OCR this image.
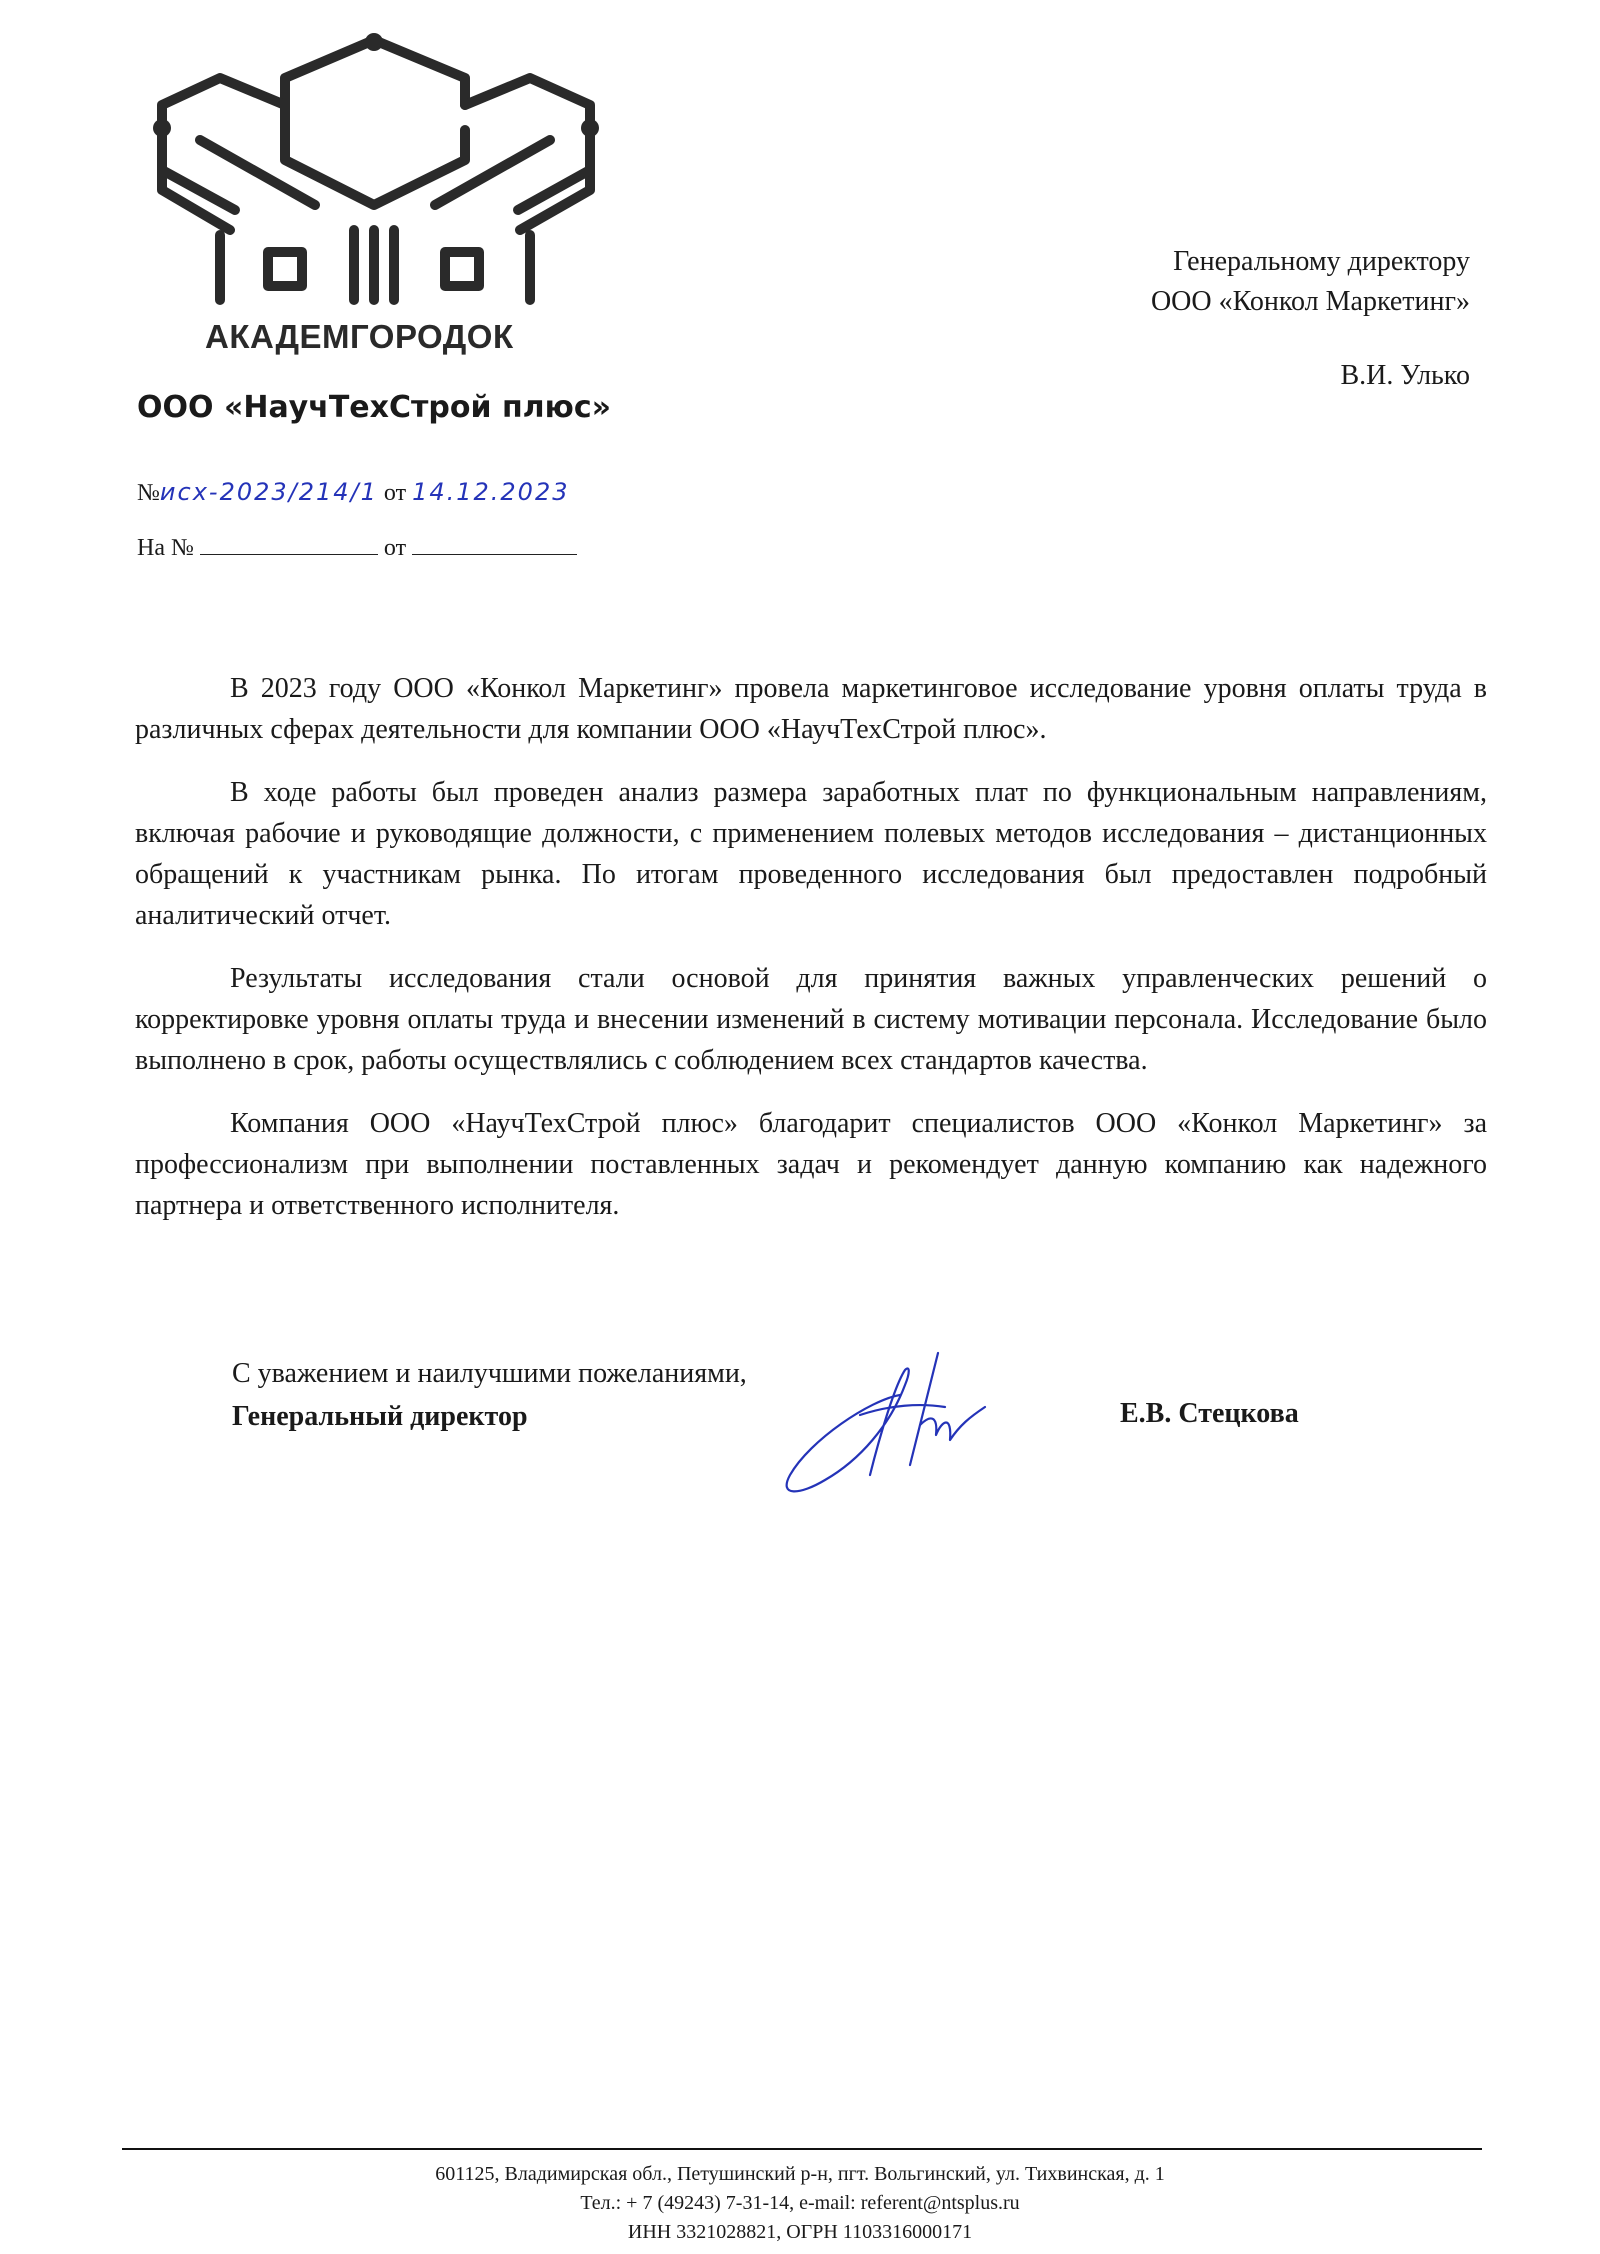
АКАДЕМГОРОДОК
ООО «НаучТехСтрой плюс»
Генеральному директору
ООО «Конкол Маркетинг»
В.И. Улько
№исх-2023/214/1 от 14.12.2023
На №	от

В 2023 году ООО «Конкол Маркетинг» провела маркетинговое исследование уровня оплаты труда в различных сферах деятельности для компании ООО «НаучТехСтрой плюс».

В ходе работы был проведен анализ размера заработных плат по функциональным направлениям, включая рабочие и руководящие должности, с применением полевых методов исследования – дистанционных обращений к участникам рынка. По итогам проведенного исследования был предоставлен подробный аналитический отчет.

Результаты исследования стали основой для принятия важных управленческих решений о корректировке уровня оплаты труда и внесении изменений в систему мотивации персонала. Исследование было выполнено в срок, работы осуществлялись с соблюдением всех стандартов качества.

Компания ООО «НаучТехСтрой плюс» благодарит специалистов ООО «Конкол Маркетинг» за профессионализм при выполнении поставленных задач и рекомендует данную компанию как надежного партнера и ответственного исполнителя.

С уважением и наилучшими пожеланиями,
Генеральный директор	Е.В. Стецкова
601125, Владимирская обл., Петушинский р-н, пгт. Вольгинский, ул. Тихвинская, д. 1
Тел.: + 7 (49243) 7-31-14, e-mail: referent@ntsplus.ru
ИНН 3321028821, ОГРН 1103316000171
